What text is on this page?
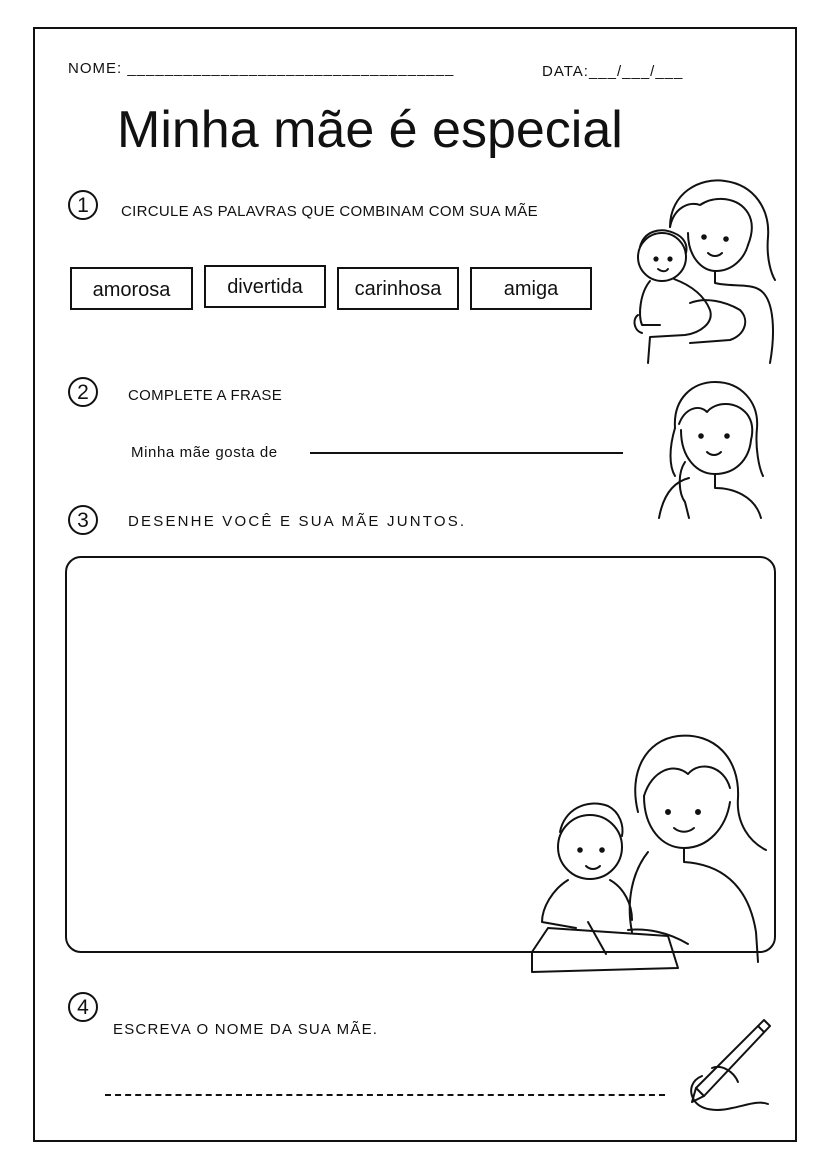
NOME: ___________________________________	DATA:___/___/___
Minha mãe é especial
1	CIRCULE AS PALAVRAS QUE COMBINAM COM SUA MÃE
amorosa	divertida	carinhosa	amiga
2	COMPLETE A FRASE
Minha mãe gosta de
3	DESENHE VOCÊ E SUA MÃE JUNTOS.
4
ESCREVA O NOME DA SUA MÃE.
